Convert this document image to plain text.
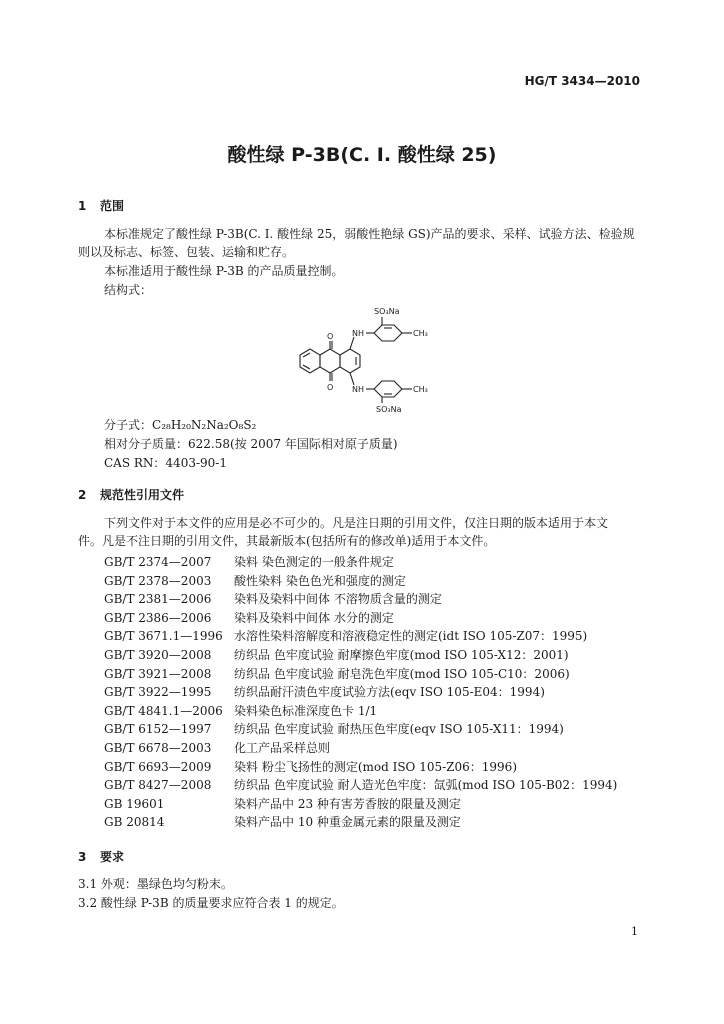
HG/T 3434—2010
酸性绿 P-3B(C. I. 酸性绿 25)
1 范围
本标准规定了酸性绿 P-3B(C. I. 酸性绿 25，弱酸性艳绿 GS)产品的要求、采样、试验方法、检验规
则以及标志、标签、包装、运输和贮存。
本标准适用于酸性绿 P-3B 的产品质量控制。
结构式：
SO₃Na
SO₃Na
CH₃
CH₃
NH
NH
O
O
分子式：C₂₈H₂₀N₂Na₂O₈S₂
相对分子质量：622.58(按 2007 年国际相对原子质量)
CAS RN：4403-90-1
2 规范性引用文件
下列文件对于本文件的应用是必不可少的。凡是注日期的引用文件，仅注日期的版本适用于本文
件。凡是不注日期的引用文件，其最新版本(包括所有的修改单)适用于本文件。
GB/T 2374—2007 染料 染色测定的一般条件规定
GB/T 2378—2003 酸性染料 染色色光和强度的测定
GB/T 2381—2006 染料及染料中间体 不溶物质含量的测定
GB/T 2386—2006 染料及染料中间体 水分的测定
GB/T 3671.1—1996 水溶性染料溶解度和溶液稳定性的测定(idt ISO 105-Z07：1995)
GB/T 3920—2008 纺织品 色牢度试验 耐摩擦色牢度(mod ISO 105-X12：2001)
GB/T 3921—2008 纺织品 色牢度试验 耐皂洗色牢度(mod ISO 105-C10：2006)
GB/T 3922—1995 纺织品耐汗渍色牢度试验方法(eqv ISO 105-E04：1994)
GB/T 4841.1—2006 染料染色标准深度色卡 1/1
GB/T 6152—1997 纺织品 色牢度试验 耐热压色牢度(eqv ISO 105-X11：1994)
GB/T 6678—2003 化工产品采样总则
GB/T 6693—2009 染料 粉尘飞扬性的测定(mod ISO 105-Z06：1996)
GB/T 8427—2008 纺织品 色牢度试验 耐人造光色牢度：氙弧(mod ISO 105-B02：1994)
GB 19601	染料产品中 23 种有害芳香胺的限量及测定
GB 20814	染料产品中 10 种重金属元素的限量及测定
3 要求
3.1 外观：墨绿色均匀粉末。
3.2 酸性绿 P-3B 的质量要求应符合表 1 的规定。
1
